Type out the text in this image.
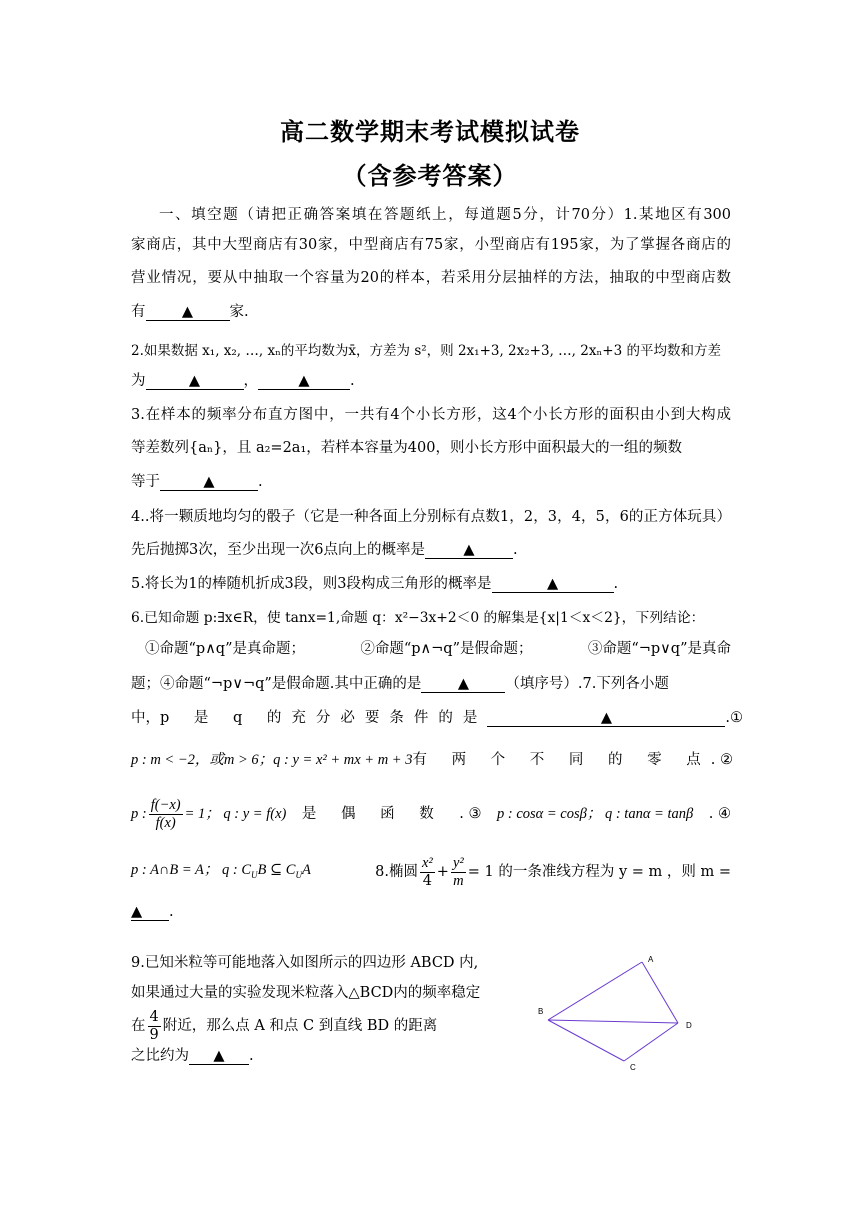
高二数学期末考试模拟试卷
（含参考答案）
一、填空题（请把正确答案填在答题纸上，每道题5分，计70分）1.某地区有300
家商店，其中大型商店有30家，中型商店有75家，小型商店有195家，为了掌握各商店的
营业情况，要从中抽取一个容量为20的样本，若采用分层抽样的方法，抽取的中型商店数
有	▲	家.
2.如果数据 x₁, x₂, …, xₙ的平均数为x̄，方差为 s²，则 2x₁+3, 2x₂+3, …, 2xₙ+3 的平均数和方差
为	▲	，	▲	.
3.在样本的频率分布直方图中，一共有4个小长方形，这4个小长方形的面积由小到大构成
等差数列{aₙ}，且 a₂=2a₁，若样本容量为400，则小长方形中面积最大的一组的频数
等于	▲	.
4..将一颗质地均匀的骰子（它是一种各面上分别标有点数1，2，3，4，5，6的正方体玩具）
先后抛掷3次，至少出现一次6点向上的概率是	▲	.
5.将长为1的棒随机折成3段，则3段构成三角形的概率是	▲	.
6.已知命题 p:∃x∈R，使 tanx=1,命题 q：x²−3x+2＜0 的解集是{x|1＜x＜2}，下列结论：
①命题“p∧q”是真命题；	②命题“p∧¬q”是假命题；	③命题“¬p∨q”是真命
题；④命题“¬p∨¬q”是假命题.其中正确的是	▲	（填序号）.7.下列各小题
中， p 是 q 的充分必要条件的是	▲	. ①
p : m < −2，或m > 6； q : y = x² + mx + m + 3 有 两 个 不 同 的 零 点 . ②
p : $\frac{f(-x)}{f(x)} = 1$； q : y = f(x) 是 偶 函 数 . ③ p : cosα = cosβ； q : tanα = tanβ . ④
p : A∩B = A； q : $C_UB$ ⊆ $C_UA$	8.椭圆 $\frac{\text{x²}}{4} + \frac{\text{y²}}{m} = 1$ 的一条准线方程为 y = m ，则 m =
▲ .
9.已知米粒等可能地落入如图所示的四边形 ABCD 内,
如果通过大量的实验发现米粒落入△BCD内的频率稳定
在 $\frac{4}{9}$ 附近，那么点 A 和点 C 到直线 BD 的距离
之比约为 ▲ .
A
B
C
D
